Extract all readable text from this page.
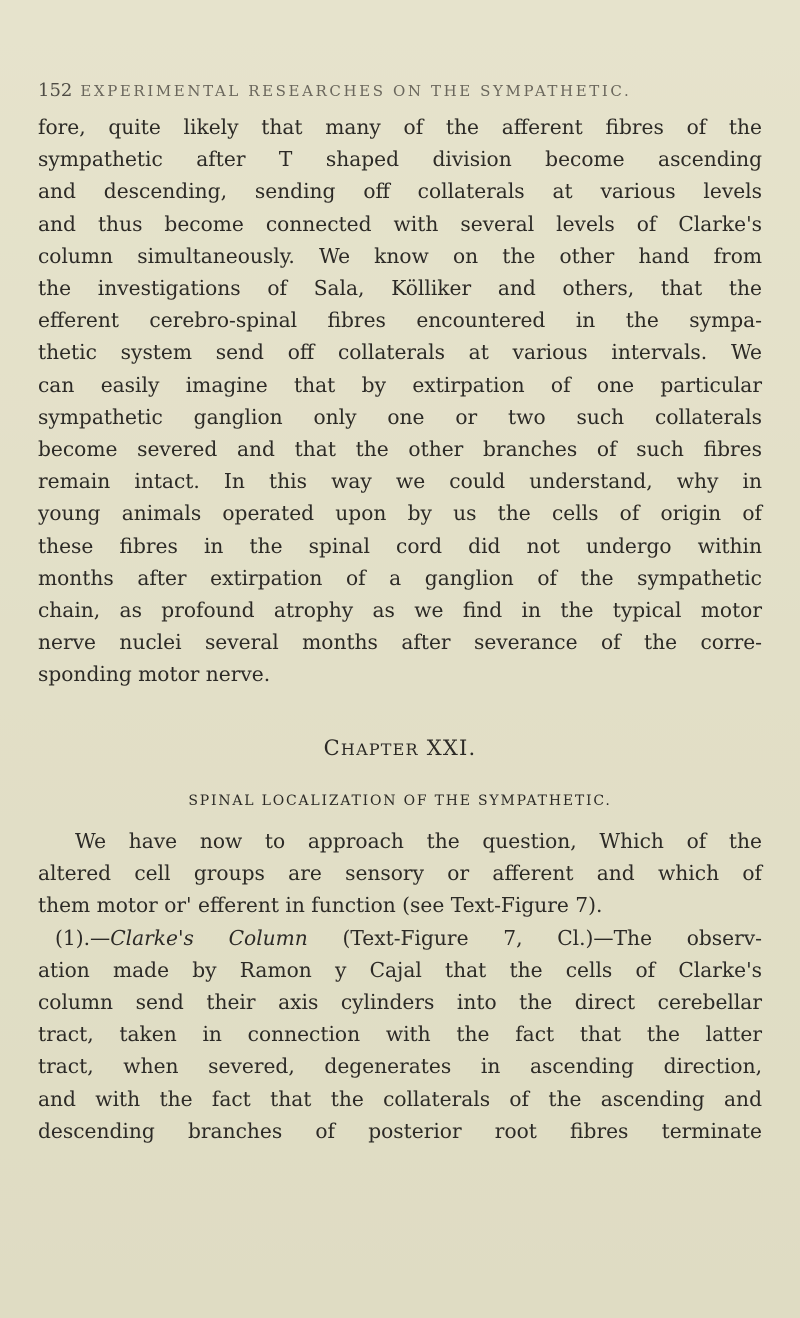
152 EXPERIMENTAL RESEARCHES ON THE SYMPATHETIC.

fore, quite likely that many of the afferent fibres of the
sympathetic after T shaped division become ascending
and descending, sending off collaterals at various levels
and thus become connected with several levels of Clarke's
column simultaneously. We know on the other hand from
the investigations of Sala, Kölliker and others, that the
efferent cerebro-spinal fibres encountered in the sympa-
thetic system send off collaterals at various intervals. We
can easily imagine that by extirpation of one particular
sympathetic ganglion only one or two such collaterals
become severed and that the other branches of such fibres
remain intact. In this way we could understand, why in
young animals operated upon by us the cells of origin of
these fibres in the spinal cord did not undergo within
months after extirpation of a ganglion of the sympathetic
chain, as profound atrophy as we find in the typical motor
nerve nuclei several months after severance of the corre-
sponding motor nerve.

CHAPTER XXI.
SPINAL LOCALIZATION OF THE SYMPATHETIC.

We have now to approach the question, Which of the
altered cell groups are sensory or afferent and which of
them motor or' efferent in function (see Text-Figure 7).
(1).—Clarke's Column (Text-Figure 7, Cl.)—The observ-
ation made by Ramon y Cajal that the cells of Clarke's
column send their axis cylinders into the direct cerebellar
tract, taken in connection with the fact that the latter
tract, when severed, degenerates in ascending direction,
and with the fact that the collaterals of the ascending and
descending branches of posterior root fibres terminate
